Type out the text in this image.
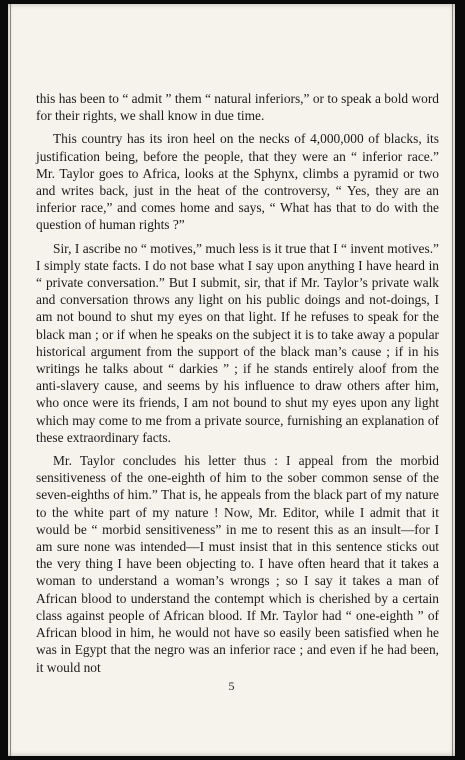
this has been to “ admit ” them “ natural inferiors,” or to speak a bold word for their rights, we shall know in due time.

This country has its iron heel on the necks of 4,000,000 of blacks, its justification being, before the people, that they were an “ inferior race.” Mr. Taylor goes to Africa, looks at the Sphynx, climbs a pyramid or two and writes back, just in the heat of the controversy, “ Yes, they are an inferior race,” and comes home and says, “ What has that to do with the question of human rights ?”

Sir, I ascribe no “ motives,” much less is it true that I “ invent motives.” I simply state facts. I do not base what I say upon anything I have heard in “ private conversation.” But I submit, sir, that if Mr. Taylor’s private walk and conversation throws any light on his public doings and not-doings, I am not bound to shut my eyes on that light. If he refuses to speak for the black man ; or if when he speaks on the subject it is to take away a popular historical argument from the support of the black man’s cause ; if in his writings he talks about “ darkies ” ; if he stands entirely aloof from the anti-slavery cause, and seems by his influence to draw others after him, who once were its friends, I am not bound to shut my eyes upon any light which may come to me from a private source, furnishing an explanation of these extraordinary facts.

Mr. Taylor concludes his letter thus : I appeal from the morbid sensitiveness of the one-eighth of him to the sober common sense of the seven-eighths of him.” That is, he appeals from the black part of my nature to the white part of my nature ! Now, Mr. Editor, while I admit that it would be “ morbid sensitiveness” in me to resent this as an insult—for I am sure none was intended—I must insist that in this sentence sticks out the very thing I have been objecting to. I have often heard that it takes a woman to understand a woman’s wrongs ; so I say it takes a man of African blood to understand the contempt which is cherished by a certain class against people of African blood. If Mr. Taylor had “ one-eighth ” of African blood in him, he would not have so easily been satisfied when he was in Egypt that the negro was an inferior race ; and even if he had been, it would not

5
